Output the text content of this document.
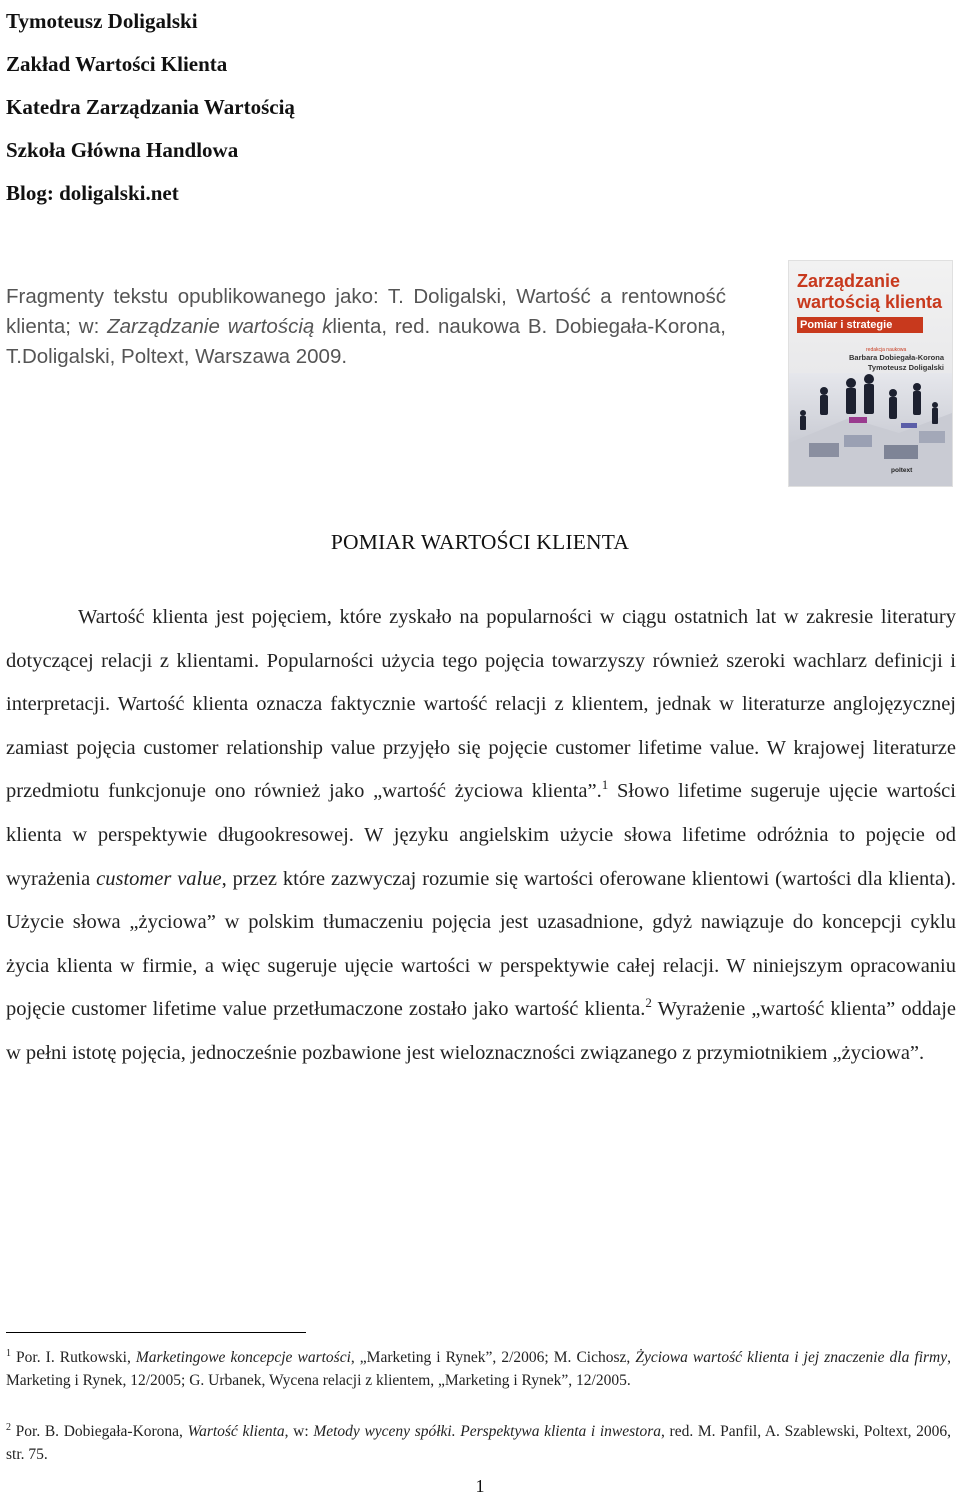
Tymoteusz Doligalski
Zakład Wartości Klienta
Katedra Zarządzania Wartością
Szkoła Główna Handlowa
Blog: doligalski.net
Fragmenty tekstu opublikowanego jako: T. Doligalski, Wartość a rentowność klienta; w: Zarządzanie wartością klienta, red. naukowa B. Dobiegała-Korona, T.Doligalski, Poltext, Warszawa 2009.
Zarządzanie wartością klienta
Pomiar i strategie
redakcja naukowa
Barbara Dobiegała-Korona
Tymoteusz Doligalski
poltext
POMIAR WARTOŚCI KLIENTA

Wartość klienta jest pojęciem, które zyskało na popularności w ciągu ostatnich lat w zakresie literatury dotyczącej relacji z klientami. Popularności użycia tego pojęcia towarzyszy również szeroki wachlarz definicji i interpretacji. Wartość klienta oznacza faktycznie wartość relacji z klientem, jednak w literaturze anglojęzycznej zamiast pojęcia customer relationship value przyjęło się pojęcie customer lifetime value. W krajowej literaturze przedmiotu funkcjonuje ono również jako „wartość życiowa klienta”.$^1$ Słowo lifetime sugeruje ujęcie wartości klienta w perspektywie długookresowej. W języku angielskim użycie słowa lifetime odróżnia to pojęcie od wyrażenia customer value, przez które zazwyczaj rozumie się wartości oferowane klientowi (wartości dla klienta). Użycie słowa „życiowa” w polskim tłumaczeniu pojęcia jest uzasadnione, gdyż nawiązuje do koncepcji cyklu życia klienta w firmie, a więc sugeruje ujęcie wartości w perspektywie całej relacji. W niniejszym opracowaniu pojęcie customer lifetime value przetłumaczone zostało jako wartość klienta.$^2$ Wyrażenie „wartość klienta” oddaje w pełni istotę pojęcia, jednocześnie pozbawione jest wieloznaczności związanego z przymiotnikiem „życiowa”.

$^1$ Por. I. Rutkowski, Marketingowe koncepcje wartości, „Marketing i Rynek”, 2/2006; M. Cichosz, Życiowa wartość klienta i jej znaczenie dla firmy, Marketing i Rynek, 12/2005; G. Urbanek, Wycena relacji z klientem, „Marketing i Rynek”, 12/2005.
$^2$ Por. B. Dobiegała-Korona, Wartość klienta, w: Metody wyceny spółki. Perspektywa klienta i inwestora, red. M. Panfil, A. Szablewski, Poltext, 2006, str. 75.
1
